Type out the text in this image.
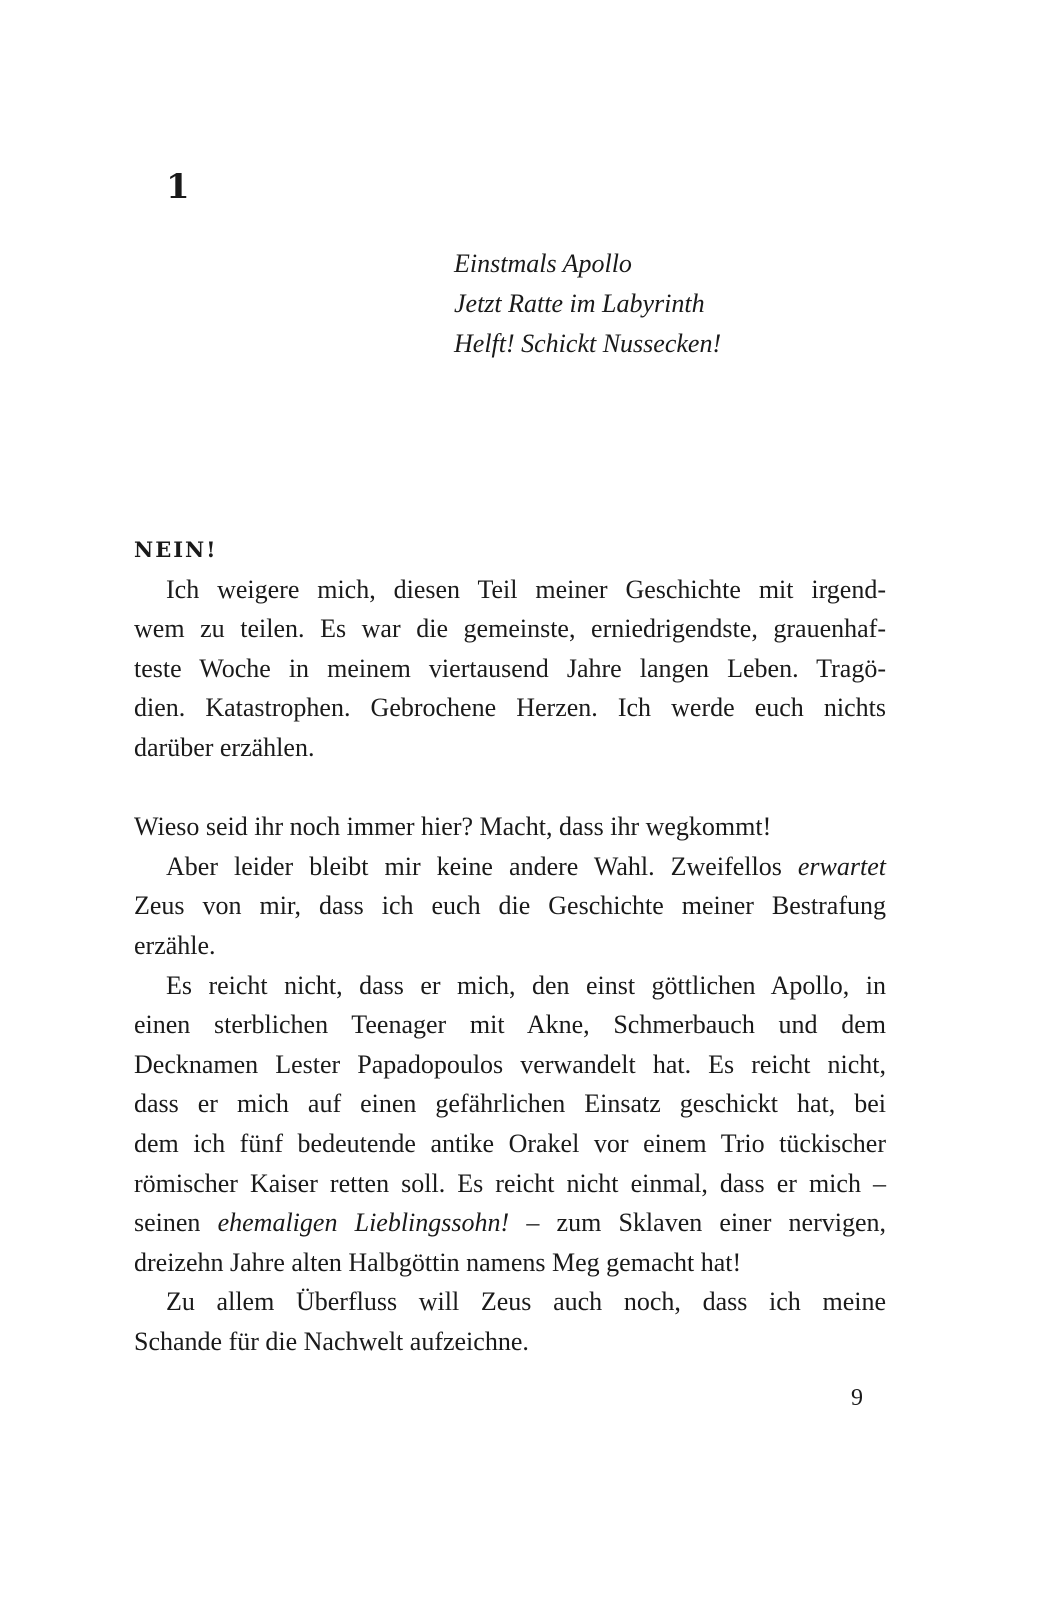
1
Einstmals Apollo
Jetzt Ratte im Labyrinth
Helft! Schickt Nussecken!
NEIN!
Ich weigere mich, diesen Teil meiner Geschichte mit irgend-
wem zu teilen. Es war die gemeinste, erniedrigendste, grauenhaf-
teste Woche in meinem viertausend Jahre langen Leben. Tragö-
dien. Katastrophen. Gebrochene Herzen. Ich werde euch nichts
darüber erzählen.
Wieso seid ihr noch immer hier? Macht, dass ihr wegkommt!
Aber leider bleibt mir keine andere Wahl. Zweifellos erwartet
Zeus von mir, dass ich euch die Geschichte meiner Bestrafung
erzähle.
Es reicht nicht, dass er mich, den einst göttlichen Apollo, in
einen sterblichen Teenager mit Akne, Schmerbauch und dem
Decknamen Lester Papadopoulos verwandelt hat. Es reicht nicht,
dass er mich auf einen gefährlichen Einsatz geschickt hat, bei
dem ich fünf bedeutende antike Orakel vor einem Trio tückischer
römischer Kaiser retten soll. Es reicht nicht einmal, dass er mich –
seinen ehemaligen Lieblingssohn! – zum Sklaven einer nervigen,
dreizehn Jahre alten Halbgöttin namens Meg gemacht hat!
Zu allem Überfluss will Zeus auch noch, dass ich meine
Schande für die Nachwelt aufzeichne.
9
